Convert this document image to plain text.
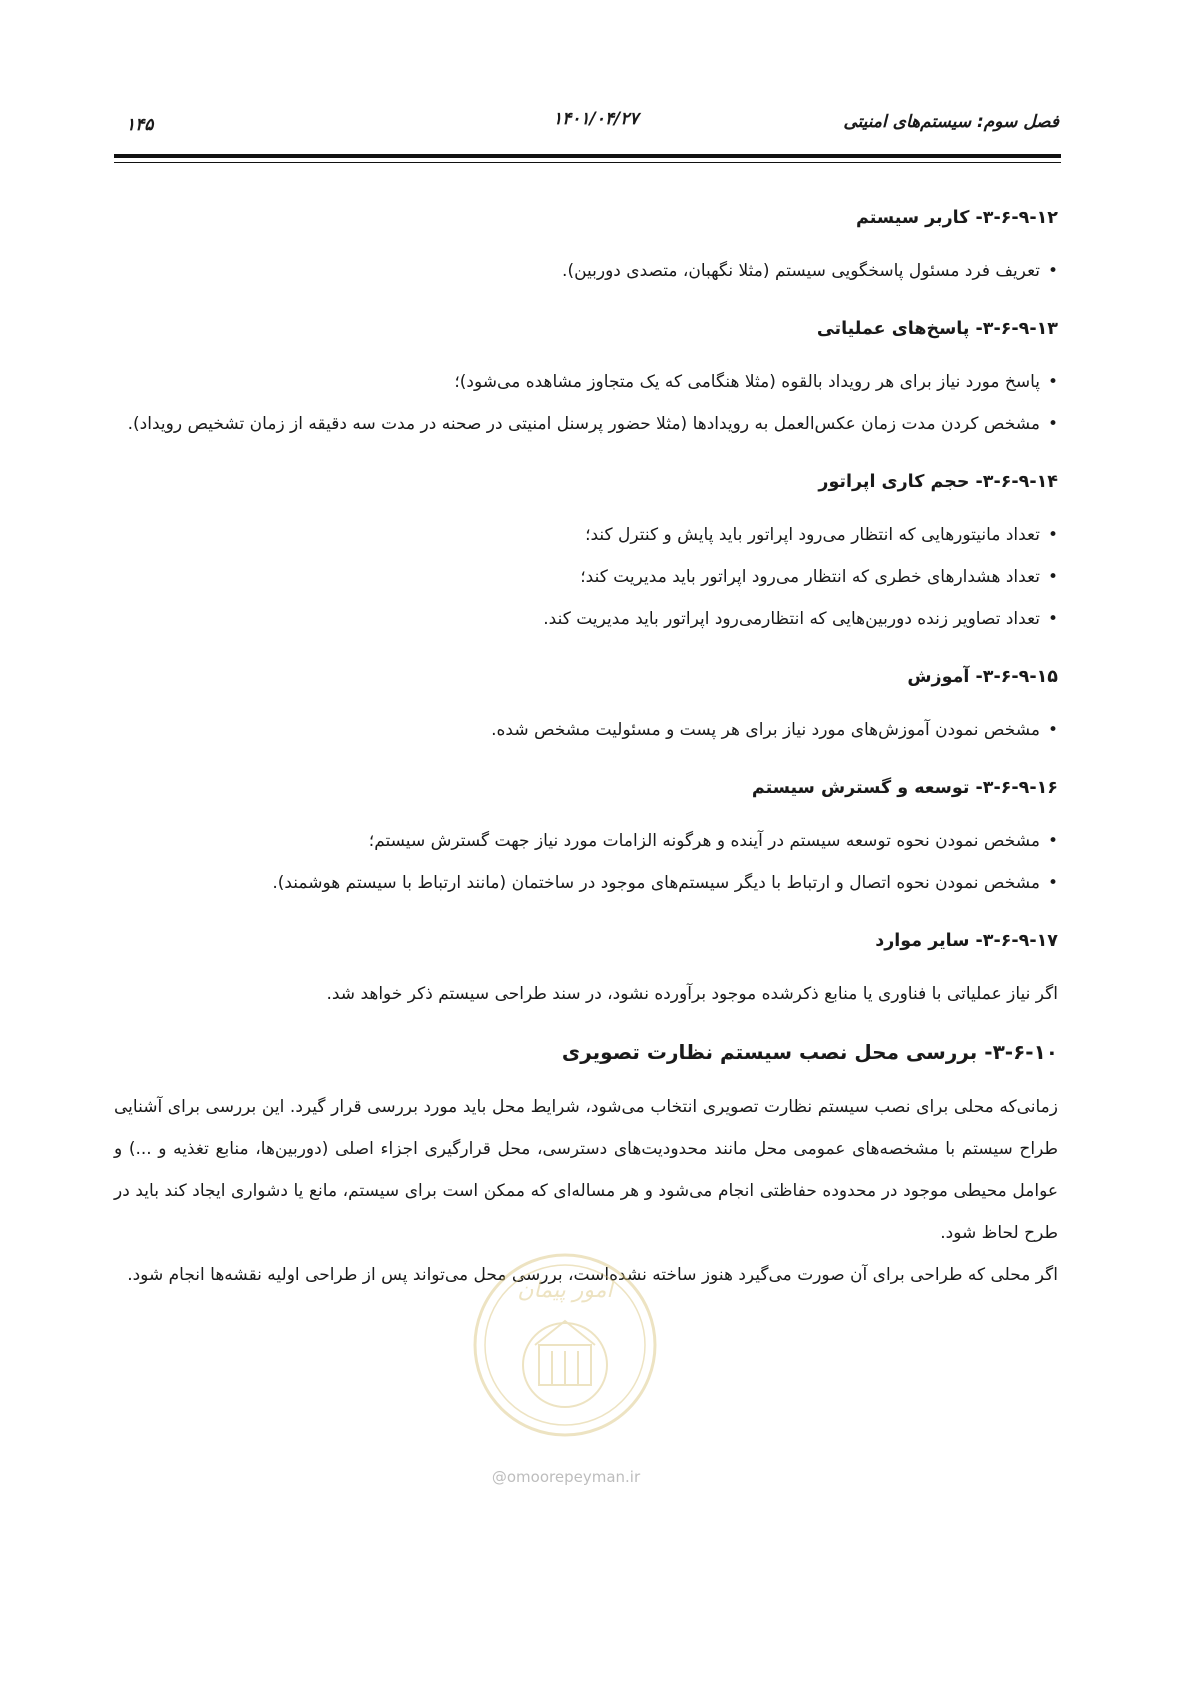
فصل سوم: سیستم‌های امنیتی
۱۴۰۱/۰۴/۲۷
۱۴۵
۳-۶-۹-۱۲- کاربر سیستم
• تعریف فرد مسئول پاسخگویی سیستم (مثلا نگهبان، متصدی دوربین).
۳-۶-۹-۱۳- پاسخ‌های عملیاتی
• پاسخ مورد نیاز برای هر رویداد بالقوه (مثلا هنگامی که یک متجاوز مشاهده می‌شود)؛
• مشخص کردن مدت زمان عکس‌العمل به رویدادها (مثلا حضور پرسنل امنیتی در صحنه در مدت سه دقیقه از زمان تشخیص رویداد).
۳-۶-۹-۱۴- حجم کاری اپراتور
• تعداد مانیتورهایی که انتظار می‌رود اپراتور باید پایش و کنترل کند؛
• تعداد هشدارهای خطری که انتظار می‌رود اپراتور باید مدیریت کند؛
• تعداد تصاویر زنده دوربین‌هایی که انتظارمی‌رود اپراتور باید مدیریت کند.
۳-۶-۹-۱۵- آموزش
• مشخص نمودن آموزش‌های مورد نیاز برای هر پست و مسئولیت مشخص شده.
۳-۶-۹-۱۶- توسعه و گسترش سیستم
• مشخص نمودن نحوه توسعه سیستم در آینده و هرگونه الزامات مورد نیاز جهت گسترش سیستم؛
• مشخص نمودن نحوه اتصال و ارتباط با دیگر سیستم‌های موجود در ساختمان (مانند ارتباط با سیستم هوشمند).
۳-۶-۹-۱۷- سایر موارد

اگر نیاز عملیاتی با فناوری یا منابع ذکرشده موجود برآورده نشود، در سند طراحی سیستم ذکر خواهد شد.

۳-۶-۱۰- بررسی محل نصب سیستم نظارت تصویری

زمانی‌که محلی برای نصب سیستم نظارت تصویری انتخاب می‌شود، شرایط محل باید مورد بررسی قرار گیرد. این بررسی برای آشنایی طراح سیستم با مشخصه‌های عمومی محل مانند محدودیت‌های دسترسی، محل قرارگیری اجزاء اصلی (دوربین‌ها، منابع تغذیه و ...) و عوامل محیطی موجود در محدوده حفاظتی انجام می‌شود و هر مساله‌ای که ممکن است برای سیستم، مانع یا دشواری ایجاد کند باید در طرح لحاظ شود.

اگر محلی که طراحی برای آن صورت می‌گیرد هنوز ساخته نشده‌است، بررسی محل می‌تواند پس از طراحی اولیه نقشه‌ها انجام شود.

امور پیمان
@omoorepeyman.ir
